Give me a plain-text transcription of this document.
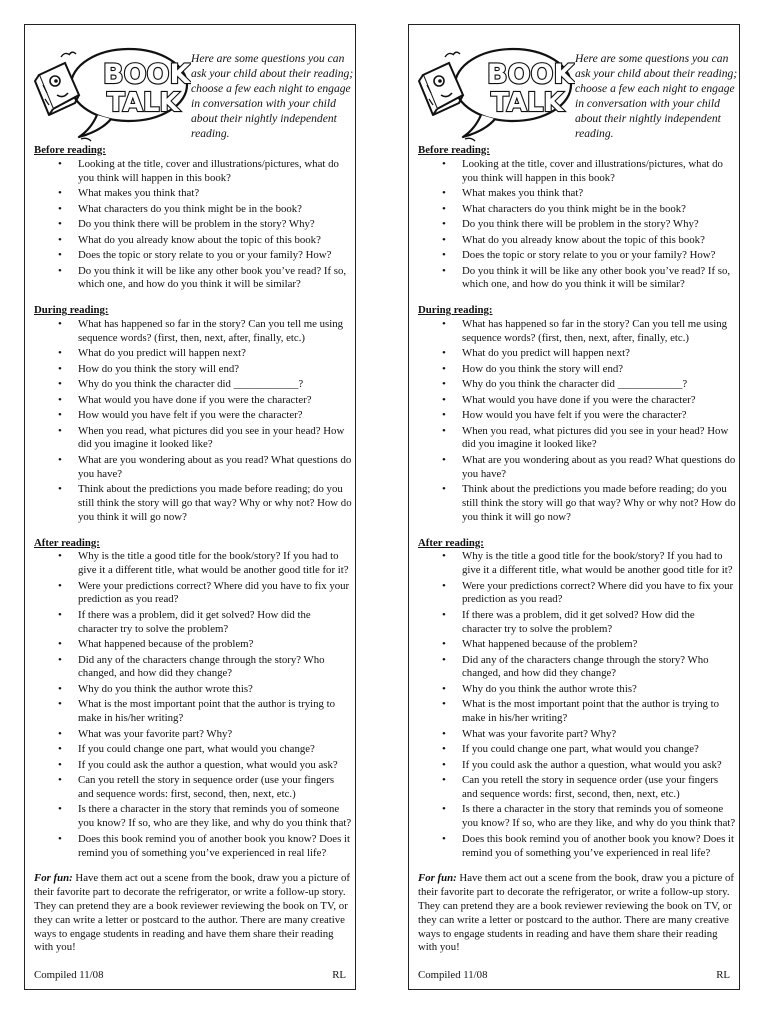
BOOK
TALK
Here are some questions you can ask your child about their reading; choose a few each night to engage in conversation with your child about their nightly independent reading.
Before reading:
• Looking at the title, cover and illustrations/pictures, what do you think will happen in this book?
• What makes you think that?
• What characters do you think might be in the book?
• Do you think there will be problem in the story? Why?
• What do you already know about the topic of this book?
• Does the topic or story relate to you or your family? How?
• Do you think it will be like any other book you’ve read? If so, which one, and how do you think it will be similar?
During reading:
• What has happened so far in the story? Can you tell me using sequence words? (first, then, next, after, finally, etc.)
• What do you predict will happen next?
• How do you think the story will end?
• Why do you think the character did ____________?
• What would you have done if you were the character?
• How would you have felt if you were the character?
• When you read, what pictures did you see in your head? How did you imagine it looked like?
• What are you wondering about as you read? What questions do you have?
• Think about the predictions you made before reading; do you still think the story will go that way? Why or why not? How do you think it will go now?
After reading:
• Why is the title a good title for the book/story? If you had to give it a different title, what would be another good title for it?
• Were your predictions correct? Where did you have to fix your prediction as you read?
• If there was a problem, did it get solved? How did the character try to solve the problem?
• What happened because of the problem?
• Did any of the characters change through the story? Who changed, and how did they change?
• Why do you think the author wrote this?
• What is the most important point that the author is trying to make in his/her writing?
• What was your favorite part? Why?
• If you could change one part, what would you change?
• If you could ask the author a question, what would you ask?
• Can you retell the story in sequence order (use your fingers and sequence words: first, second, then, next, etc.)
• Is there a character in the story that reminds you of someone you know? If so, who are they like, and why do you think that?
• Does this book remind you of another book you know? Does it remind you of something you’ve experienced in real life?
For fun: Have them act out a scene from the book, draw you a picture of their favorite part to decorate the refrigerator, or write a follow-up story. They can pretend they are a book reviewer reviewing the book on TV, or they can write a letter or postcard to the author. There are many creative ways to engage students in reading and have them share their reading with you!
Compiled 11/08	RL
BOOK
TALK
Here are some questions you can ask your child about their reading; choose a few each night to engage in conversation with your child about their nightly independent reading.
Before reading:
• Looking at the title, cover and illustrations/pictures, what do you think will happen in this book?
• What makes you think that?
• What characters do you think might be in the book?
• Do you think there will be problem in the story? Why?
• What do you already know about the topic of this book?
• Does the topic or story relate to you or your family? How?
• Do you think it will be like any other book you’ve read? If so, which one, and how do you think it will be similar?
During reading:
• What has happened so far in the story? Can you tell me using sequence words? (first, then, next, after, finally, etc.)
• What do you predict will happen next?
• How do you think the story will end?
• Why do you think the character did ____________?
• What would you have done if you were the character?
• How would you have felt if you were the character?
• When you read, what pictures did you see in your head? How did you imagine it looked like?
• What are you wondering about as you read? What questions do you have?
• Think about the predictions you made before reading; do you still think the story will go that way? Why or why not? How do you think it will go now?
After reading:
• Why is the title a good title for the book/story? If you had to give it a different title, what would be another good title for it?
• Were your predictions correct? Where did you have to fix your prediction as you read?
• If there was a problem, did it get solved? How did the character try to solve the problem?
• What happened because of the problem?
• Did any of the characters change through the story? Who changed, and how did they change?
• Why do you think the author wrote this?
• What is the most important point that the author is trying to make in his/her writing?
• What was your favorite part? Why?
• If you could change one part, what would you change?
• If you could ask the author a question, what would you ask?
• Can you retell the story in sequence order (use your fingers and sequence words: first, second, then, next, etc.)
• Is there a character in the story that reminds you of someone you know? If so, who are they like, and why do you think that?
• Does this book remind you of another book you know? Does it remind you of something you’ve experienced in real life?
For fun: Have them act out a scene from the book, draw you a picture of their favorite part to decorate the refrigerator, or write a follow-up story. They can pretend they are a book reviewer reviewing the book on TV, or they can write a letter or postcard to the author. There are many creative ways to engage students in reading and have them share their reading with you!
Compiled 11/08	RL
